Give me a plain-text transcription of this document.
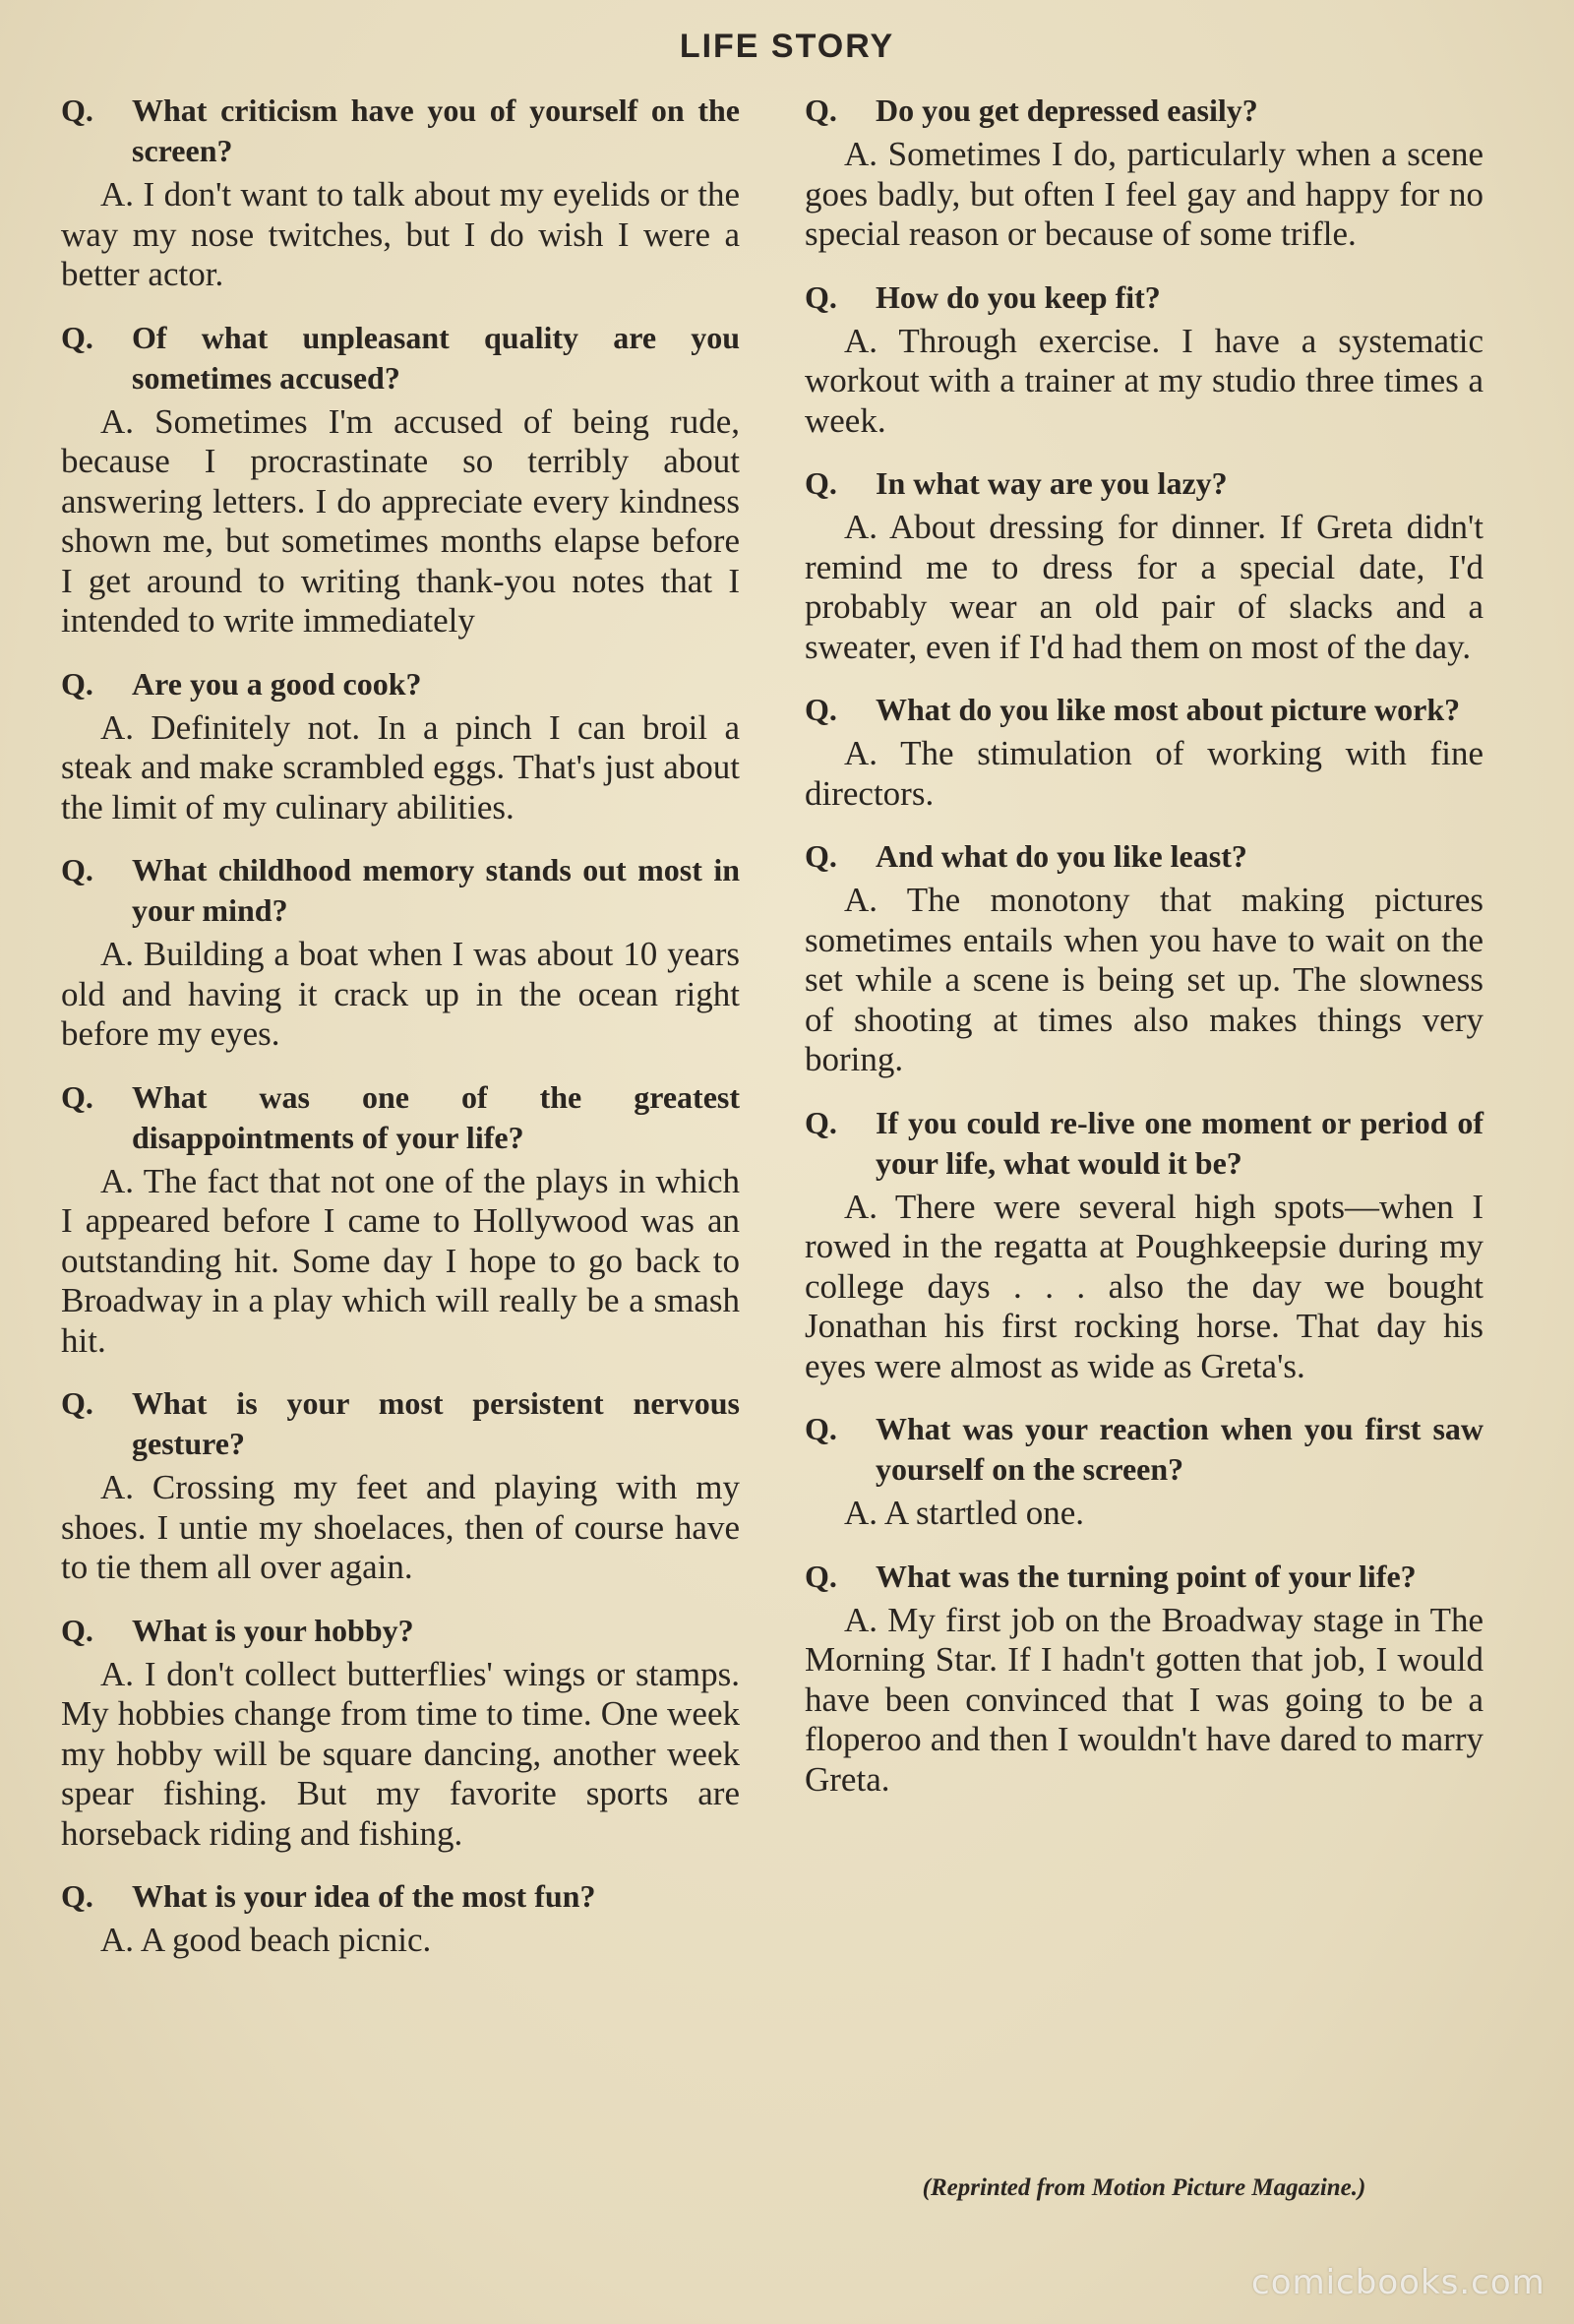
LIFE STORY

Q. What criticism have you of yourself on the screen?

A. I don't want to talk about my eyelids or the way my nose twitches, but I do wish I were a better actor.

Q. Of what unpleasant quality are you sometimes accused?

A. Sometimes I'm accused of being rude, because I procrastinate so terribly about answering letters. I do appreciate every kindness shown me, but sometimes months elapse before I get around to writing thank-you notes that I intended to write immediately

Q. Are you a good cook?

A. Definitely not. In a pinch I can broil a steak and make scrambled eggs. That's just about the limit of my culinary abilities.

Q. What childhood memory stands out most in your mind?

A. Building a boat when I was about 10 years old and having it crack up in the ocean right before my eyes.

Q. What was one of the greatest disappointments of your life?

A. The fact that not one of the plays in which I appeared before I came to Hollywood was an outstanding hit. Some day I hope to go back to Broadway in a play which will really be a smash hit.

Q. What is your most persistent nervous gesture?

A. Crossing my feet and playing with my shoes. I untie my shoelaces, then of course have to tie them all over again.

Q. What is your hobby?

A. I don't collect butterflies' wings or stamps. My hobbies change from time to time. One week my hobby will be square dancing, another week spear fishing. But my favorite sports are horseback riding and fishing.

Q. What is your idea of the most fun?

A. A good beach picnic.

Q. Do you get depressed easily?

A. Sometimes I do, particularly when a scene goes badly, but often I feel gay and happy for no special reason or because of some trifle.

Q. How do you keep fit?

A. Through exercise. I have a systematic workout with a trainer at my studio three times a week.

Q. In what way are you lazy?

A. About dressing for dinner. If Greta didn't remind me to dress for a special date, I'd probably wear an old pair of slacks and a sweater, even if I'd had them on most of the day.

Q. What do you like most about picture work?

A. The stimulation of working with fine directors.

Q. And what do you like least?

A. The monotony that making pictures sometimes entails when you have to wait on the set while a scene is being set up. The slowness of shooting at times also makes things very boring.

Q. If you could re-live one moment or period of your life, what would it be?

A. There were several high spots—when I rowed in the regatta at Poughkeepsie during my college days . . . also the day we bought Jonathan his first rocking horse. That day his eyes were almost as wide as Greta's.

Q. What was your reaction when you first saw yourself on the screen?

A. A startled one.

Q. What was the turning point of your life?

A. My first job on the Broadway stage in The Morning Star. If I hadn't gotten that job, I would have been convinced that I was going to be a floperoo and then I wouldn't have dared to marry Greta.

(Reprinted from Motion Picture Magazine.)
comicbooks.com
